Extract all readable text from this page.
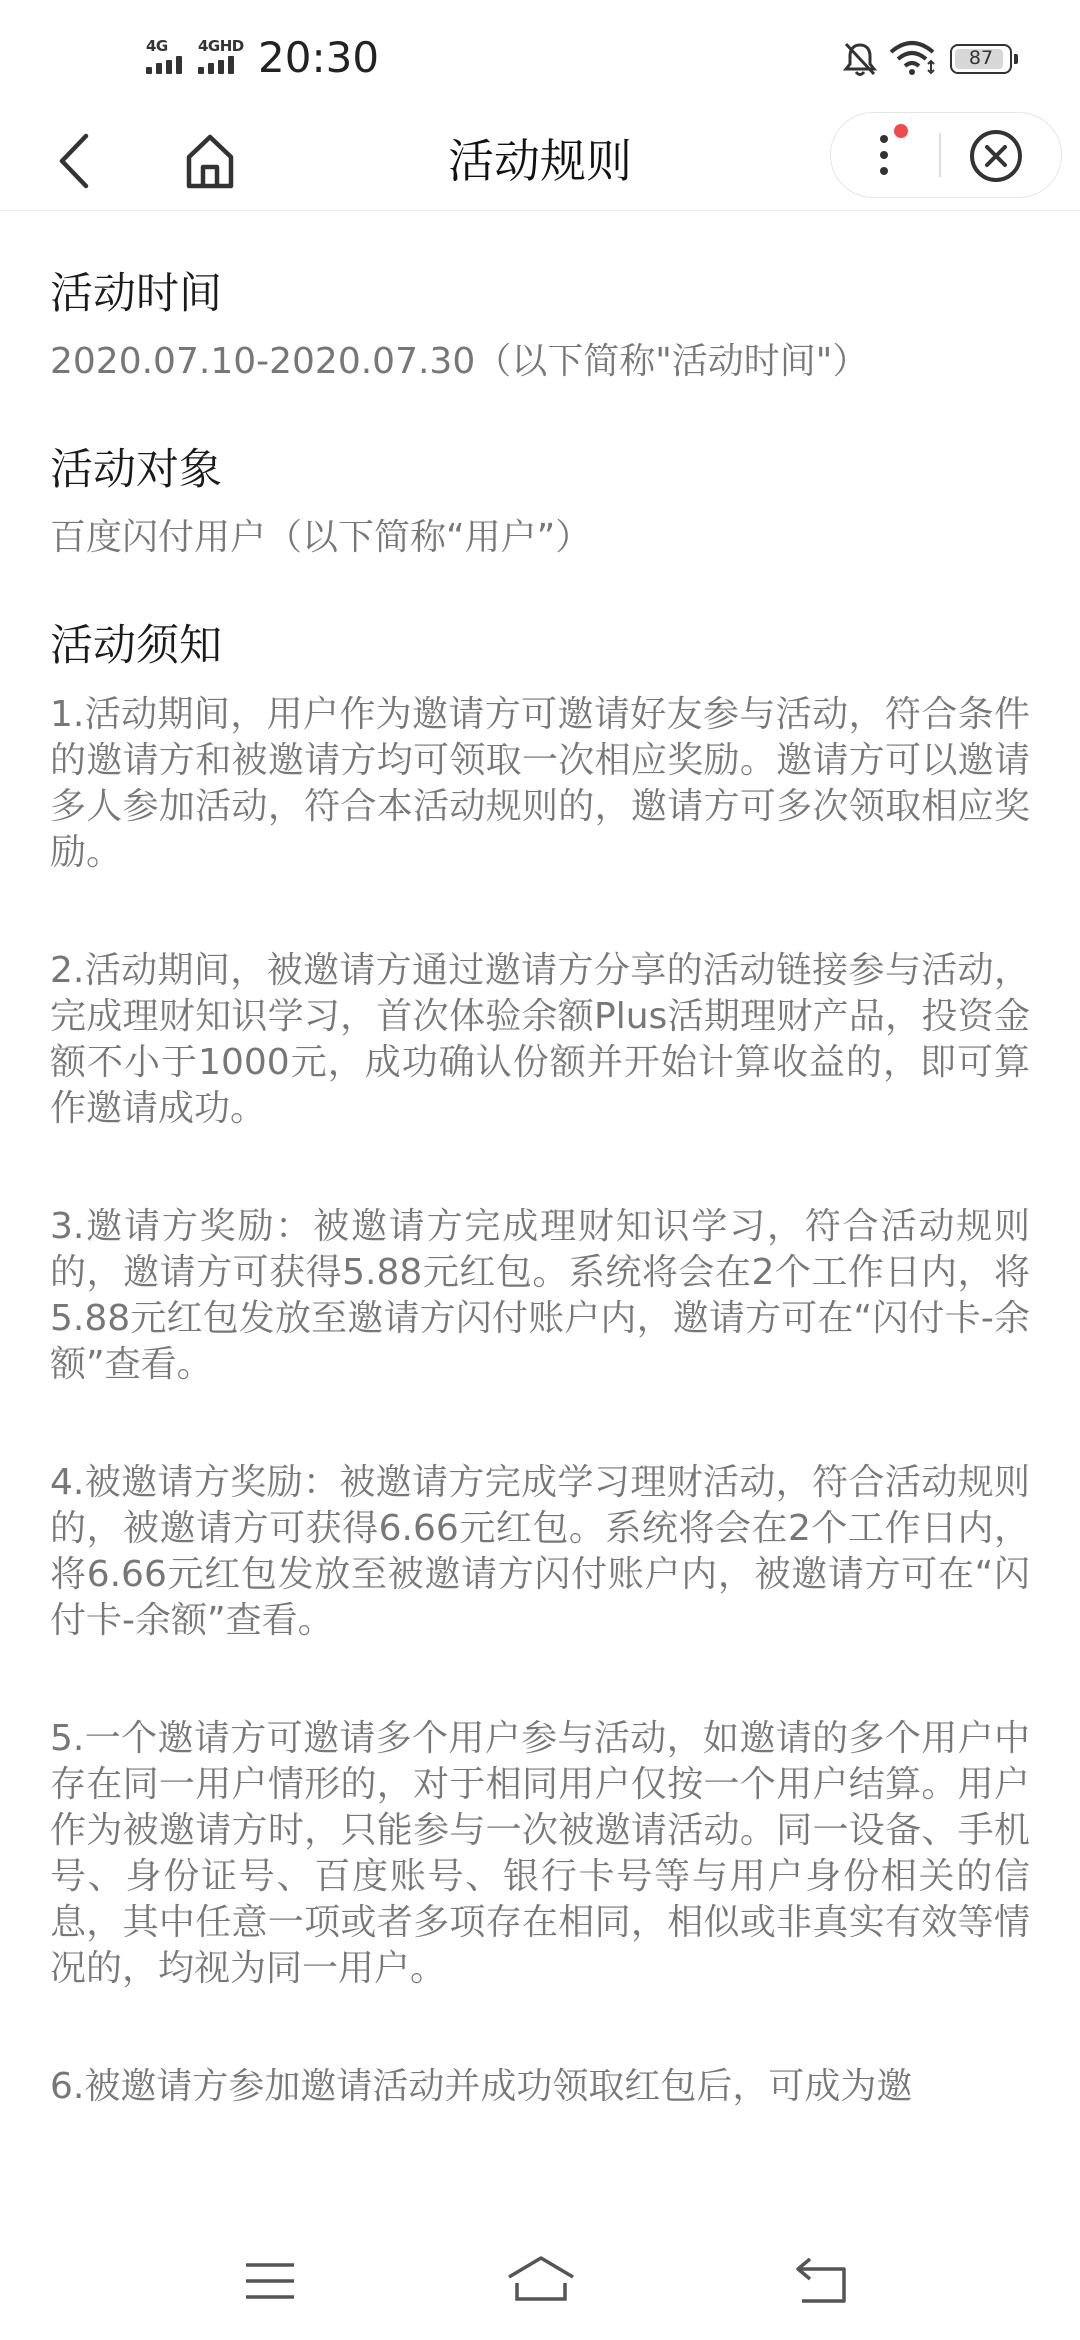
4G 4GHD 20:30	87
活动规则
活动时间
2020.07.10-2020.07.30（以下简称"活动时间"）
活动对象
百度闪付用户（以下简称“用户”）
活动须知
1.活动期间，用户作为邀请方可邀请好友参与活动，符合条件的邀请方和被邀请方均可领取一次相应奖励。邀请方可以邀请多人参加活动，符合本活动规则的，邀请方可多次领取相应奖励。
2.活动期间，被邀请方通过邀请方分享的活动链接参与活动，完成理财知识学习，首次体验余额Plus活期理财产品，投资金额不小于1000元，成功确认份额并开始计算收益的，即可算作邀请成功。
3.邀请方奖励：被邀请方完成理财知识学习，符合活动规则的，邀请方可获得5.88元红包。系统将会在2个工作日内，将5.88元红包发放至邀请方闪付账户内，邀请方可在“闪付卡-余额”查看。
4.被邀请方奖励：被邀请方完成学习理财活动，符合活动规则的，被邀请方可获得6.66元红包。系统将会在2个工作日内，将6.66元红包发放至被邀请方闪付账户内，被邀请方可在“闪付卡-余额”查看。
5.一个邀请方可邀请多个用户参与活动，如邀请的多个用户中存在同一用户情形的，对于相同用户仅按一个用户结算。用户作为被邀请方时，只能参与一次被邀请活动。同一设备、手机号、身份证号、百度账号、银行卡号等与用户身份相关的信息，其中任意一项或者多项存在相同，相似或非真实有效等情况的，均视为同一用户。
6.被邀请方参加邀请活动并成功领取红包后，可成为邀
